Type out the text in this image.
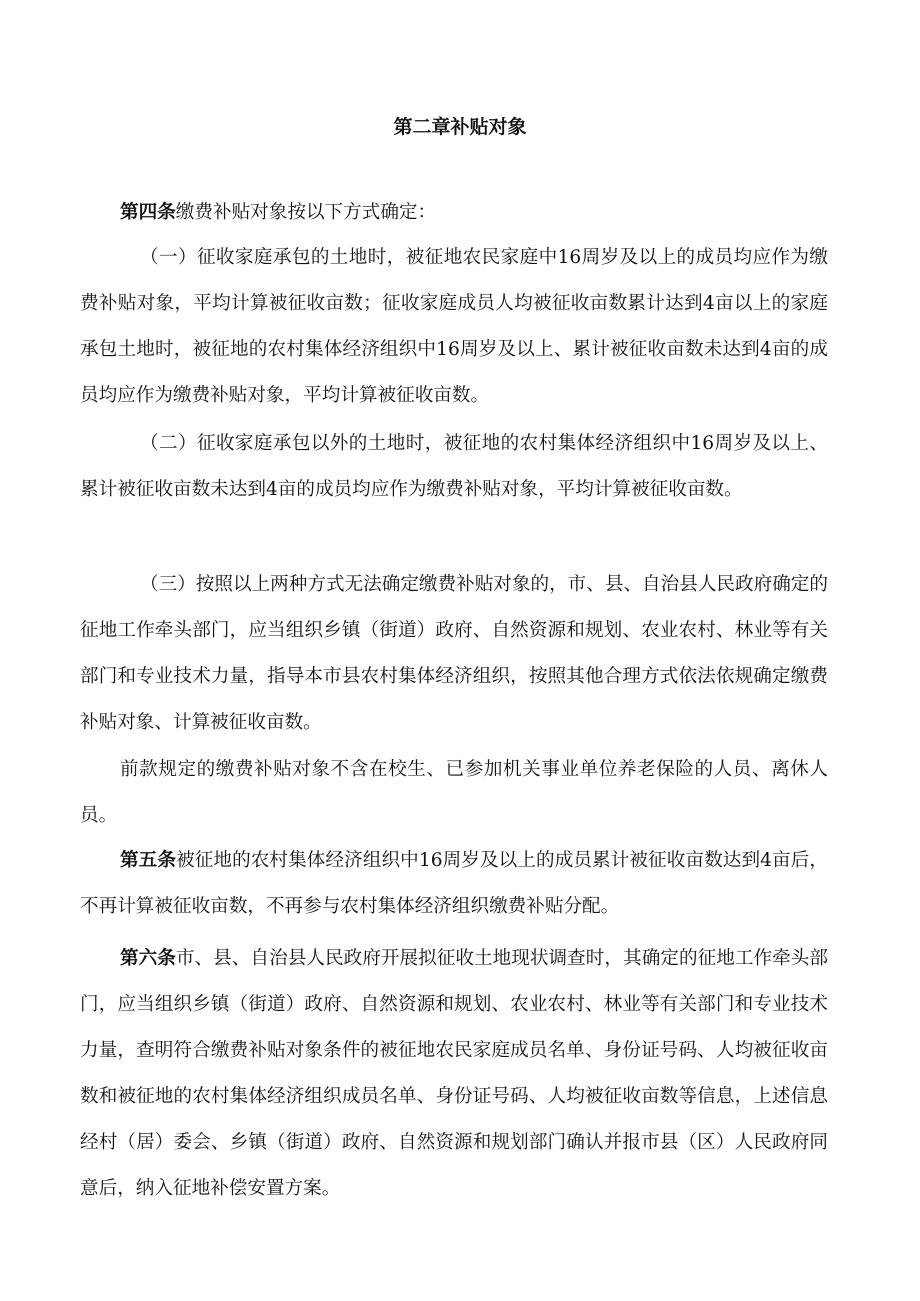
第二章补贴对象

第四条缴费补贴对象按以下方式确定：

（一）征收家庭承包的土地时，被征地农民家庭中16周岁及以上的成员均应作为缴费补贴对象，平均计算被征收亩数；征收家庭成员人均被征收亩数累计达到4亩以上的家庭承包土地时，被征地的农村集体经济组织中16周岁及以上、累计被征收亩数未达到4亩的成员均应作为缴费补贴对象，平均计算被征收亩数。

（二）征收家庭承包以外的土地时，被征地的农村集体经济组织中16周岁及以上、累计被征收亩数未达到4亩的成员均应作为缴费补贴对象，平均计算被征收亩数。

（三）按照以上两种方式无法确定缴费补贴对象的，市、县、自治县人民政府确定的征地工作牵头部门，应当组织乡镇（街道）政府、自然资源和规划、农业农村、林业等有关部门和专业技术力量，指导本市县农村集体经济组织，按照其他合理方式依法依规确定缴费补贴对象、计算被征收亩数。

前款规定的缴费补贴对象不含在校生、已参加机关事业单位养老保险的人员、离休人员。

第五条被征地的农村集体经济组织中16周岁及以上的成员累计被征收亩数达到4亩后，不再计算被征收亩数，不再参与农村集体经济组织缴费补贴分配。

第六条市、县、自治县人民政府开展拟征收土地现状调查时，其确定的征地工作牵头部门，应当组织乡镇（街道）政府、自然资源和规划、农业农村、林业等有关部门和专业技术力量，查明符合缴费补贴对象条件的被征地农民家庭成员名单、身份证号码、人均被征收亩数和被征地的农村集体经济组织成员名单、身份证号码、人均被征收亩数等信息，上述信息经村（居）委会、乡镇（街道）政府、自然资源和规划部门确认并报市县（区）人民政府同意后，纳入征地补偿安置方案。
